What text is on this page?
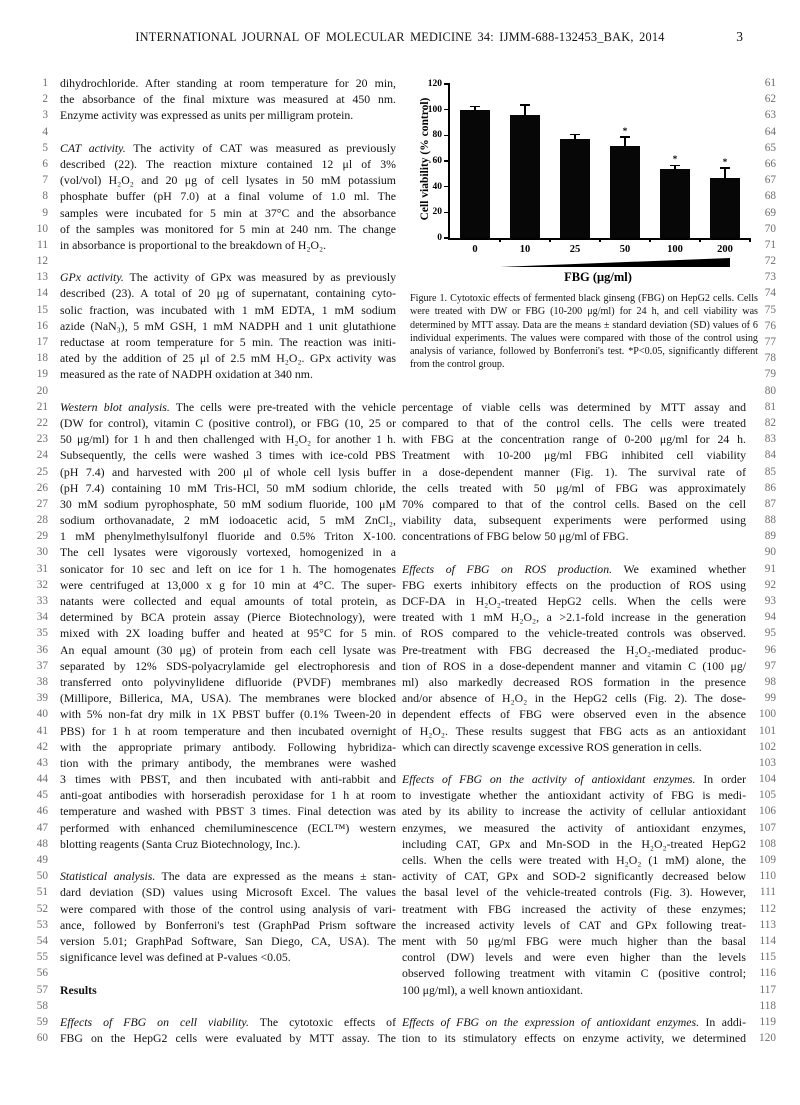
INTERNATIONAL JOURNAL OF MOLECULAR MEDICINE 34: IJMM-688-132453_BAK, 2014	3
1 dihydrochloride. After standing at room temperature for 20 min,
2 the absorbance of the final mixture was measured at 450 nm.
3 Enzyme activity was expressed as units per milligram protein.
4
5 CAT activity. The activity of CAT was measured as previously
6 described (22). The reaction mixture contained 12 μl of 3%
7 (vol/vol) H₂O₂ and 20 μg of cell lysates in 50 mM potassium
8 phosphate buffer (pH 7.0) at a final volume of 1.0 ml. The
9 samples were incubated for 5 min at 37°C and the absorbance
10 of the samples was monitored for 5 min at 240 nm. The change
11 in absorbance is proportional to the breakdown of H₂O₂.
12
13 GPx activity. The activity of GPx was measured by as previously
14 described (23). A total of 20 μg of supernatant, containing cyto-
15 solic fraction, was incubated with 1 mM EDTA, 1 mM sodium
16 azide (NaN₃), 5 mM GSH, 1 mM NADPH and 1 unit glutathione
17 reductase at room temperature for 5 min. The reaction was initi-
18 ated by the addition of 25 μl of 2.5 mM H₂O₂. GPx activity was
19 measured as the rate of NADPH oxidation at 340 nm.
20
21 Western blot analysis. The cells were pre-treated with the vehicle
22 (DW for control), vitamin C (positive control), or FBG (10, 25 or
23 50 μg/ml) for 1 h and then challenged with H₂O₂ for another 1 h.
24 Subsequently, the cells were washed 3 times with ice-cold PBS
25 (pH 7.4) and harvested with 200 μl of whole cell lysis buffer
26 (pH 7.4) containing 10 mM Tris-HCl, 50 mM sodium chloride,
27 30 mM sodium pyrophosphate, 50 mM sodium fluoride, 100 μM
28 sodium orthovanadate, 2 mM iodoacetic acid, 5 mM ZnCl₂,
29 1 mM phenylmethylsulfonyl fluoride and 0.5% Triton X-100.
30 The cell lysates were vigorously vortexed, homogenized in a
31 sonicator for 10 sec and left on ice for 1 h. The homogenates
32 were centrifuged at 13,000 x g for 10 min at 4°C. The super-
33 natants were collected and equal amounts of total protein, as
34 determined by BCA protein assay (Pierce Biotechnology), were
35 mixed with 2X loading buffer and heated at 95°C for 5 min.
36 An equal amount (30 μg) of protein from each cell lysate was
37 separated by 12% SDS-polyacrylamide gel electrophoresis and
38 transferred onto polyvinylidene difluoride (PVDF) membranes
39 (Millipore, Billerica, MA, USA). The membranes were blocked
40 with 5% non-fat dry milk in 1X PBST buffer (0.1% Tween-20 in
41 PBS) for 1 h at room temperature and then incubated overnight
42 with the appropriate primary antibody. Following hybridiza-
43 tion with the primary antibody, the membranes were washed
44 3 times with PBST, and then incubated with anti-rabbit and
45 anti-goat antibodies with horseradish peroxidase for 1 h at room
46 temperature and washed with PBST 3 times. Final detection was
47 performed with enhanced chemiluminescence (ECL™) western
48 blotting reagents (Santa Cruz Biotechnology, Inc.).
49
50 Statistical analysis. The data are expressed as the means ± stan-
51 dard deviation (SD) values using Microsoft Excel. The values
52 were compared with those of the control using analysis of vari-
53 ance, followed by Bonferroni's test (GraphPad Prism software
54 version 5.01; GraphPad Software, San Diego, CA, USA). The
55 significance level was defined at P-values <0.05.
56
57 Results
58
59 Effects of FBG on cell viability. The cytotoxic effects of
60 FBG on the HepG2 cells were evaluated by MTT assay. The
61
62
63
64
65
66
67
68
69
70
71
72
73
74
75
76
77
78
79
80
percentage of viable cells was determined by MTT assay and	81
compared to that of the control cells. The cells were treated	82
with FBG at the concentration range of 0-200 μg/ml for 24 h.	83
Treatment with 10-200 μg/ml FBG inhibited cell viability	84
in a dose-dependent manner (Fig. 1). The survival rate of	85
the cells treated with 50 μg/ml of FBG was approximately	86
70% compared to that of the control cells. Based on the cell	87
viability data, subsequent experiments were performed using	88
concentrations of FBG below 50 μg/ml of FBG.	89
90
Effects of FBG on ROS production. We examined whether	91
FBG exerts inhibitory effects on the production of ROS using	92
DCF-DA in H₂O₂-treated HepG2 cells. When the cells were	93
treated with 1 mM H₂O₂, a >2.1-fold increase in the generation	94
of ROS compared to the vehicle-treated controls was observed.	95
Pre-treatment with FBG decreased the H₂O₂-mediated produc-	96
tion of ROS in a dose-dependent manner and vitamin C (100 μg/	97
ml) also markedly decreased ROS formation in the presence	98
and/or absence of H₂O₂ in the HepG2 cells (Fig. 2). The dose-	99
dependent effects of FBG were observed even in the absence	100
of H₂O₂. These results suggest that FBG acts as an antioxidant	101
which can directly scavenge excessive ROS generation in cells.	102
103
Effects of FBG on the activity of antioxidant enzymes. In order	104
to investigate whether the antioxidant activity of FBG is medi-	105
ated by its ability to increase the activity of cellular antioxidant	106
enzymes, we measured the activity of antioxidant enzymes,	107
including CAT, GPx and Mn-SOD in the H₂O₂-treated HepG2	108
cells. When the cells were treated with H₂O₂ (1 mM) alone, the	109
activity of CAT, GPx and SOD-2 significantly decreased below	110
the basal level of the vehicle-treated controls (Fig. 3). However,	111
treatment with FBG increased the activity of these enzymes;	112
the increased activity levels of CAT and GPx following treat-	113
ment with 50 μg/ml FBG were much higher than the basal	114
control (DW) levels and were even higher than the levels	115
observed following treatment with vitamin C (positive control;	116
100 μg/ml), a well known antioxidant.	117
118
Effects of FBG on the expression of antioxidant enzymes. In addi-	119
tion to its stimulatory effects on enzyme activity, we determined	120
Cell viability (% control)
0
20
40
60
80
100
120
0	10	25
*
50
*
100
*
200
FBG (μg/ml)
Figure 1. Cytotoxic effects of fermented black ginseng (FBG) on HepG2 cells. Cells were treated with DW or FBG (10-200 μg/ml) for 24 h, and cell viability was determined by MTT assay. Data are the means ± standard deviation (SD) values of 6 individual experiments. The values were compared with those of the control using analysis of variance, followed by Bonferroni's test. *P<0.05, significantly different from the control group.
